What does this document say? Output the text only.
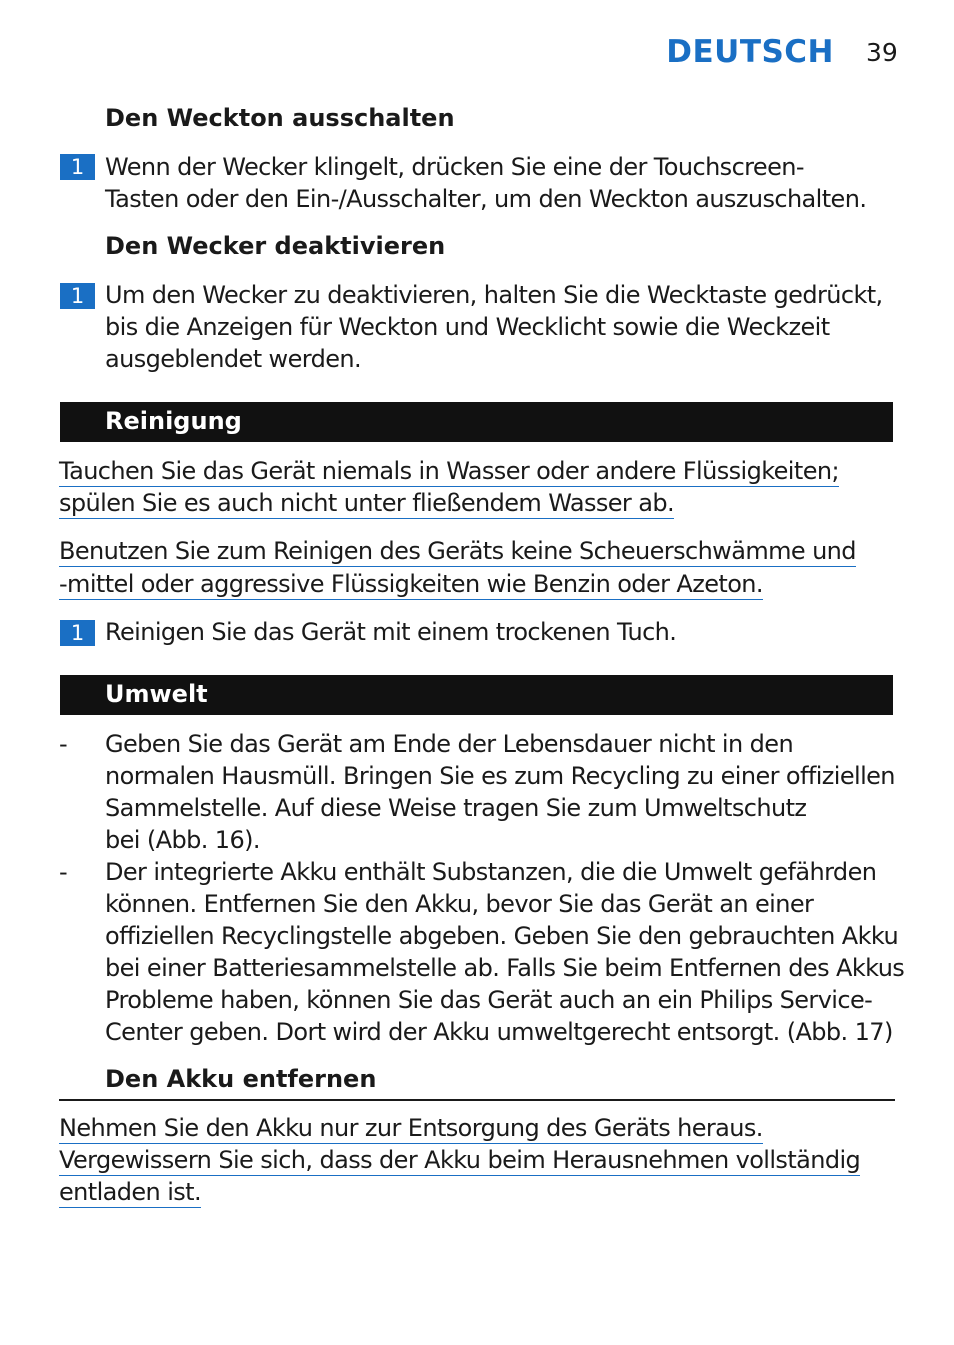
DEUTSCH 39
Den Weckton ausschalten
1 Wenn der Wecker klingelt, drücken Sie eine der Touchscreen-
Tasten oder den Ein-/Ausschalter, um den Weckton auszuschalten.
Den Wecker deaktivieren
1 Um den Wecker zu deaktivieren, halten Sie die Wecktaste gedrückt,
bis die Anzeigen für Weckton und Wecklicht sowie die Weckzeit
ausgeblendet werden.
Reinigung
Tauchen Sie das Gerät niemals in Wasser oder andere Flüssigkeiten;
spülen Sie es auch nicht unter fließendem Wasser ab.
Benutzen Sie zum Reinigen des Geräts keine Scheuerschwämme und
-mittel oder aggressive Flüssigkeiten wie Benzin oder Azeton.
1 Reinigen Sie das Gerät mit einem trockenen Tuch.
Umwelt
- Geben Sie das Gerät am Ende der Lebensdauer nicht in den
normalen Hausmüll. Bringen Sie es zum Recycling zu einer offiziellen
Sammelstelle. Auf diese Weise tragen Sie zum Umweltschutz
bei (Abb. 16).
- Der integrierte Akku enthält Substanzen, die die Umwelt gefährden
können. Entfernen Sie den Akku, bevor Sie das Gerät an einer
offiziellen Recyclingstelle abgeben. Geben Sie den gebrauchten Akku
bei einer Batteriesammelstelle ab. Falls Sie beim Entfernen des Akkus
Probleme haben, können Sie das Gerät auch an ein Philips Service-
Center geben. Dort wird der Akku umweltgerecht entsorgt. (Abb. 17)
Den Akku entfernen
Nehmen Sie den Akku nur zur Entsorgung des Geräts heraus.
Vergewissern Sie sich, dass der Akku beim Herausnehmen vollständig
entladen ist.
